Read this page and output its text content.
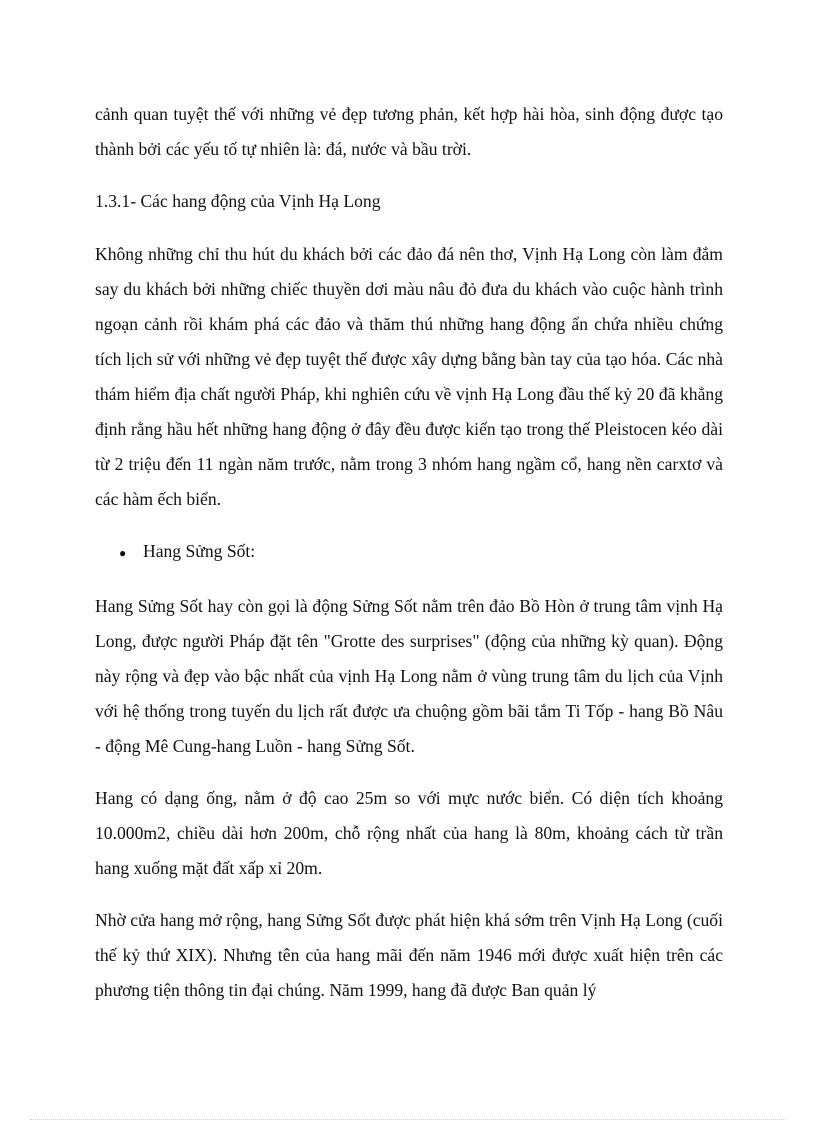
cảnh quan tuyệt thế với những vẻ đẹp tương phản, kết hợp hài hòa, sinh động được tạo thành bởi các yếu tố tự nhiên là: đá, nước và bầu trời.

1.3.1- Các hang động của Vịnh Hạ Long

Không những chỉ thu hút du khách bởi các đảo đá nên thơ, Vịnh Hạ Long còn làm đắm say du khách bởi những chiếc thuyền dơi màu nâu đỏ đưa du khách vào cuộc hành trình ngoạn cảnh rồi khám phá các đảo và thăm thú những hang động ẩn chứa nhiều chứng tích lịch sử với những vẻ đẹp tuyệt thế được xây dựng bằng bàn tay của tạo hóa. Các nhà thám hiểm địa chất người Pháp, khi nghiên cứu về vịnh Hạ Long đầu thế kỷ 20 đã khẳng định rằng hầu hết những hang động ở đây đều được kiến tạo trong thế Pleistocen kéo dài từ 2 triệu đến 11 ngàn năm trước, nằm trong 3 nhóm hang ngầm cổ, hang nền carxtơ và các hàm ếch biển.

● Hang Sửng Sốt:

Hang Sửng Sốt hay còn gọi là động Sửng Sốt nằm trên đảo Bồ Hòn ở trung tâm vịnh Hạ Long, được người Pháp đặt tên "Grotte des surprises" (động của những kỳ quan). Động này rộng và đẹp vào bậc nhất của vịnh Hạ Long nằm ở vùng trung tâm du lịch của Vịnh với hệ thống trong tuyến du lịch rất được ưa chuộng gồm bãi tắm Ti Tốp - hang Bồ Nâu - động Mê Cung-hang Luồn - hang Sửng Sốt.

Hang có dạng ống, nằm ở độ cao 25m so với mực nước biển. Có diện tích khoảng 10.000m2, chiều dài hơn 200m, chỗ rộng nhất của hang là 80m, khoảng cách từ trần hang xuống mặt đất xấp xỉ 20m.

Nhờ cửa hang mở rộng, hang Sửng Sốt được phát hiện khá sớm trên Vịnh Hạ Long (cuối thế kỷ thứ XIX). Nhưng tên của hang mãi đến năm 1946 mới được xuất hiện trên các phương tiện thông tin đại chúng. Năm 1999, hang đã được Ban quản lý
